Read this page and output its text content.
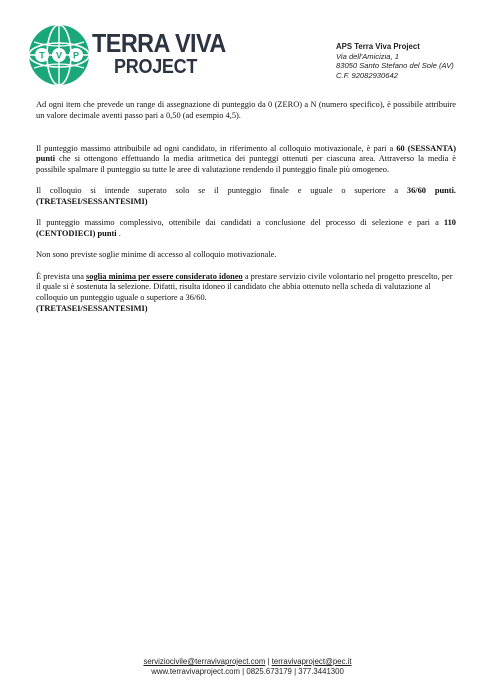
T V P TERRA VIVA
PROJECT
APS Terra Viva Project
Via dell'Amicizia, 1
83050 Santo Stefano del Sole (AV)
C.F. 92082930642

Ad ogni item che prevede un range di assegnazione di punteggio da 0 (ZERO) a N (numero specifico), è possibile attribuire un valore decimale aventi passo pari a 0,50 (ad esempio 4,5).

Il punteggio massimo attribuibile ad ogni candidato, in riferimento al colloquio motivazionale, è pari a 60 (SESSANTA) punti che si ottengono effettuando la media aritmetica dei punteggi ottenuti per ciascuna area. Attraverso la media è possibile spalmare il punteggio su tutte le aree di valutazione rendendo il punteggio finale più omogeneo.

Il colloquio si intende superato solo se il punteggio finale e uguale o superiore a 36/60 punti. (TRETASEI/SESSANTESIMI)

Il punteggio massimo complessivo, ottenibile dai candidati a conclusione del processo di selezione e pari a 110 (CENTODIECI) punti .

Non sono previste soglie minime di accesso al colloquio motivazionale.

È prevista una soglia minima per essere considerato idoneo a prestare servizio civile volontario nel progetto prescelto, per il quale si è sostenuta la selezione. Difatti, risulta idoneo il candidato che abbia ottenuto nella scheda di valutazione al colloquio un punteggio uguale o superiore a 36/60.
(TRETASEI/SESSANTESIMI)

serviziocivile@terravivaproject.com | terravivaproject@pec.it
www.terravivaproject.com | 0825.673179 | 377.3441300
